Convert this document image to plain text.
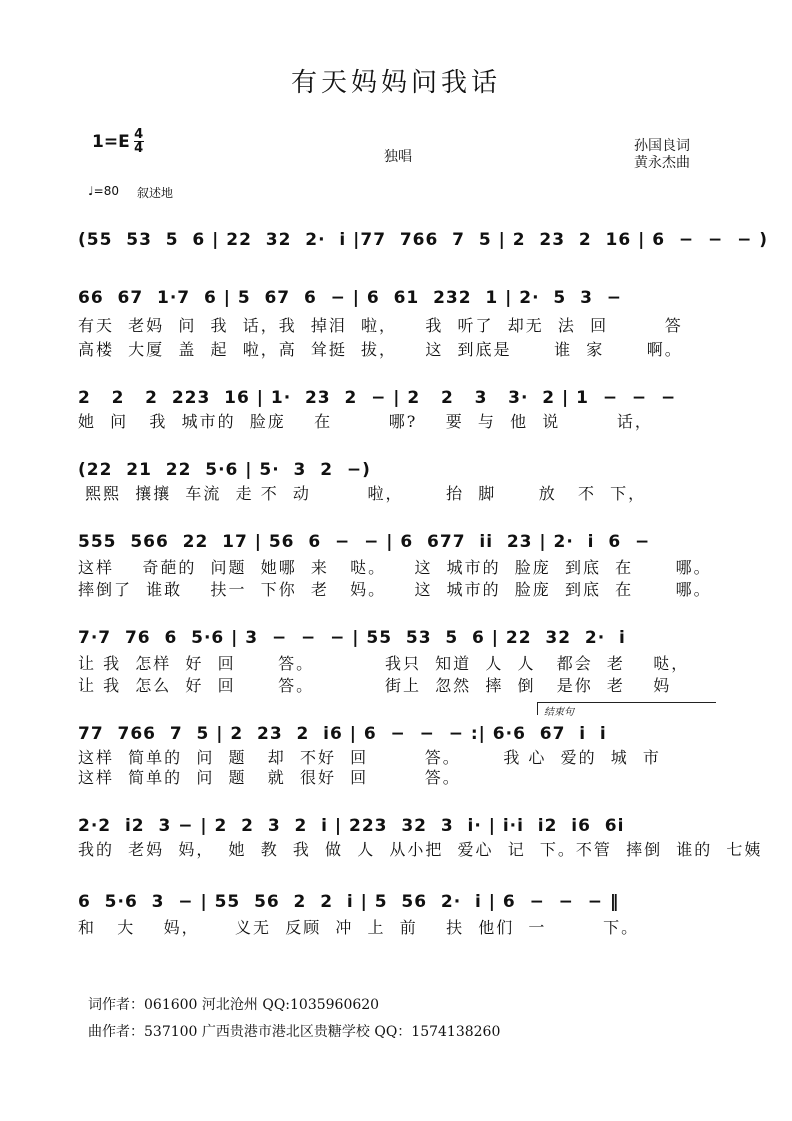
有天妈妈问我话
$1=E \frac{4}{4}$
独唱
孙国良词
黄永杰曲
♩=80 叙述地
(55  53  5  6 | 22  32  2·  i |77  766  7  5 | 2  23  2  16 | 6  −  −  − )
66  67  1·7  6 | 5  67  6  − | 6  61  232  1 | 2·  5  3  −
有天  老妈  问  我  话，我  掉泪  啦，    我  听了  却无  法  回        答
高楼  大厦  盖  起  啦，高  耸挺  拔，    这  到底是      谁  家      啊。
2   2   2  223  16 | 1·  23  2  − | 2   2   3   3·  2 | 1  −  −  −
她  问   我  城市的  脸庞    在        哪?    要  与  他  说        话，
(22  21  22  5·6 | 5·  3  2  −)
熙熙  攘攘  车流  走 不  动        啦，      抬  脚      放   不  下，
555  566  22  17 | 56  6  −  − | 6  677  ii  23 | 2·  i  6  −
这样    奇葩的  问题  她哪  来   哒。    这  城市的  脸庞  到底  在      哪。
摔倒了  谁敢    扶一  下你  老   妈。    这  城市的  脸庞  到底  在      哪。
7·7  76  6  5·6 | 3  −  −  − | 55  53  5  6 | 22  32  2·  i
让 我  怎样  好  回      答。          我只  知道  人  人   都会  老    哒，
让 我  怎么  好  回      答。          街上  忽然  摔  倒   是你  老    妈
结束句
77  766  7  5 | 2  23  2  i6 | 6  −  −  − :| 6·6  67  i  i
这样  简单的  问  题   却  不好  回        答。      我 心  爱的  城  市
这样  简单的  问  题   就  很好  回        答。
2·2  i2  3 − | 2  2  3  2  i | 223  32  3  i· | i·i  i2  i6  6i
我的  老妈  妈，  她  教  我  做  人  从小把  爱心  记  下。不管  摔倒  谁的  七姨
6  5·6  3  − | 55  56  2  2  i | 5  56  2·  i | 6  −  −  − ‖
和   大    妈，     义无  反顾  冲  上  前    扶  他们  一        下。
词作者：061600 河北沧州 QQ:1035960620
曲作者：537100 广西贵港市港北区贵糖学校 QQ：1574138260
